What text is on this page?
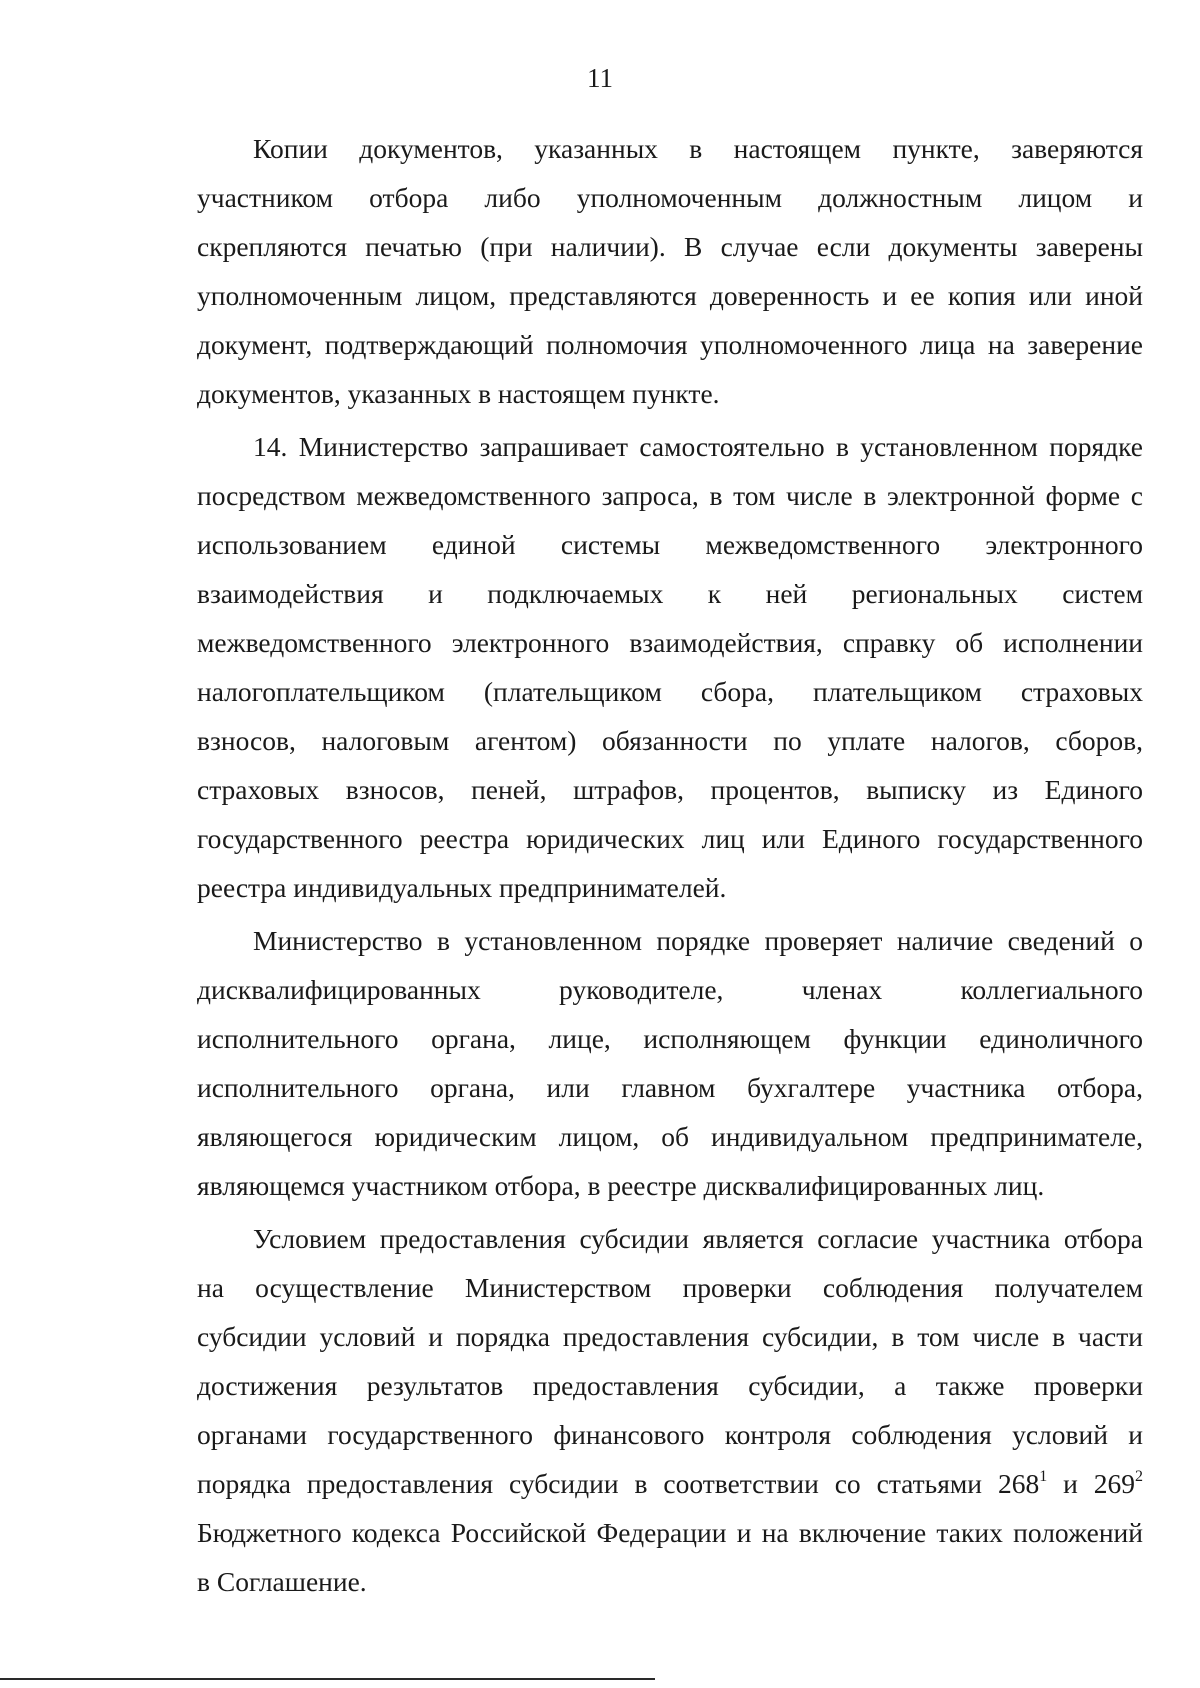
11
Копии документов, указанных в настоящем пункте, заверяются
участником отбора либо уполномоченным должностным лицом и
скрепляются печатью (при наличии). В случае если документы заверены
уполномоченным лицом, представляются доверенность и ее копия или иной
документ, подтверждающий полномочия уполномоченного лица на заверение
документов, указанных в настоящем пункте.
14. Министерство запрашивает самостоятельно в установленном порядке
посредством межведомственного запроса, в том числе в электронной форме с
использованием единой системы межведомственного электронного
взаимодействия и подключаемых к ней региональных систем
межведомственного электронного взаимодействия, справку об исполнении
налогоплательщиком (плательщиком сбора, плательщиком страховых
взносов, налоговым агентом) обязанности по уплате налогов, сборов,
страховых взносов, пеней, штрафов, процентов, выписку из Единого
государственного реестра юридических лиц или Единого государственного
реестра индивидуальных предпринимателей.
Министерство в установленном порядке проверяет наличие сведений о
дисквалифицированных руководителе, членах коллегиального
исполнительного органа, лице, исполняющем функции единоличного
исполнительного органа, или главном бухгалтере участника отбора,
являющегося юридическим лицом, об индивидуальном предпринимателе,
являющемся участником отбора, в реестре дисквалифицированных лиц.
Условием предоставления субсидии является согласие участника отбора
на осуществление Министерством проверки соблюдения получателем
субсидии условий и порядка предоставления субсидии, в том числе в части
достижения результатов предоставления субсидии, а также проверки
органами государственного финансового контроля соблюдения условий и
порядка предоставления субсидии в соответствии со статьями $268^1$ и $269^2$
Бюджетного кодекса Российской Федерации и на включение таких положений
в Соглашение.
